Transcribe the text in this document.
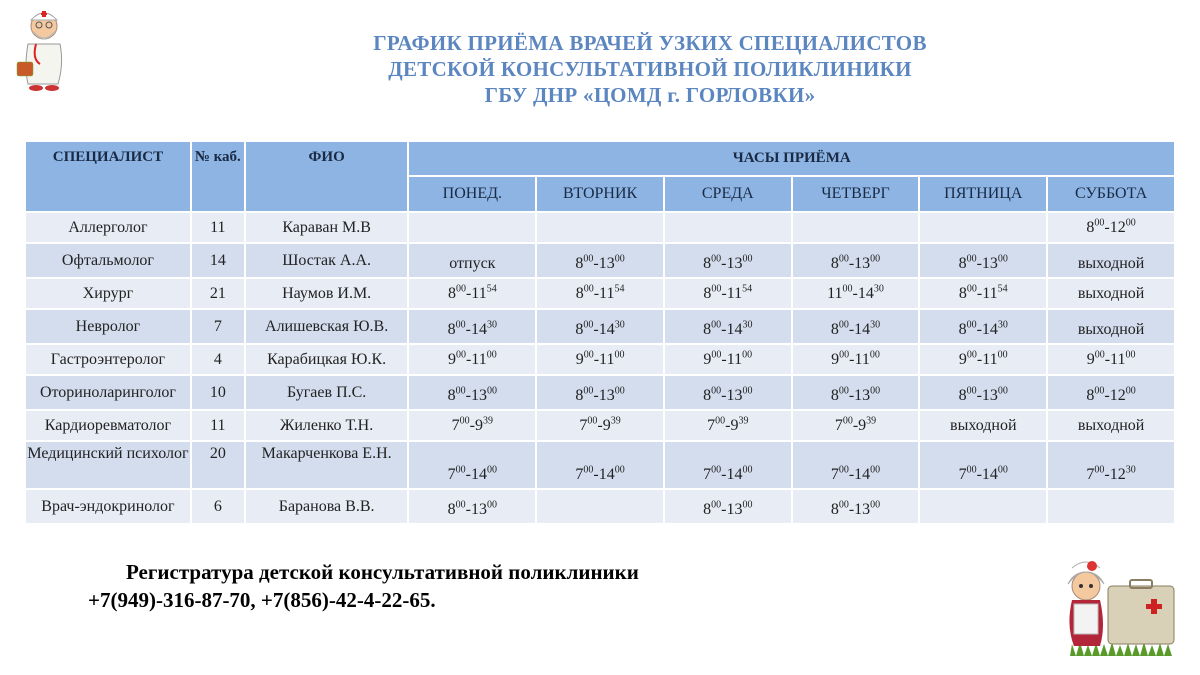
ГРАФИК ПРИЁМА ВРАЧЕЙ УЗКИХ СПЕЦИАЛИСТОВ
ДЕТСКОЙ КОНСУЛЬТАТИВНОЙ ПОЛИКЛИНИКИ
ГБУ ДНР «ЦОМД г. ГОРЛОВКИ»
СПЕЦИАЛИСТ	№ каб.	ФИО	ЧАСЫ ПРИЁМА					
			ПОНЕД.	ВТОРНИК	СРЕДА	ЧЕТВЕРГ	ПЯТНИЦА	СУББОТА
Аллерголог	11	Караван М.В						$8^{00}-12^{00}$
Офтальмолог	14	Шостак А.А.	отпуск	$8^{00}-13^{00}$	$8^{00}-13^{00}$	$8^{00}-13^{00}$	$8^{00}-13^{00}$	выходной
Хирург	21	Наумов И.М.	$8^{00}-11^{54}$	$8^{00}-11^{54}$	$8^{00}-11^{54}$	$11^{00}-14^{30}$	$8^{00}-11^{54}$	выходной
Невролог	7	Алишевская Ю.В.	$8^{00}-14^{30}$	$8^{00}-14^{30}$	$8^{00}-14^{30}$	$8^{00}-14^{30}$	$8^{00}-14^{30}$	выходной
Гастроэнтеролог	4	Карабицкая Ю.К.	$9^{00}-11^{00}$	$9^{00}-11^{00}$	$9^{00}-11^{00}$	$9^{00}-11^{00}$	$9^{00}-11^{00}$	$9^{00}-11^{00}$
Оториноларинголог	10	Бугаев П.С.	$8^{00}-13^{00}$	$8^{00}-13^{00}$	$8^{00}-13^{00}$	$8^{00}-13^{00}$	$8^{00}-13^{00}$	$8^{00}-12^{00}$
Кардиоревматолог	11	Жиленко Т.Н.	$7^{00}-9^{39}$	$7^{00}-9^{39}$	$7^{00}-9^{39}$	$7^{00}-9^{39}$	выходной	выходной
Медицинский психолог	20	Макарченкова Е.Н.	$7^{00}-14^{00}$	$7^{00}-14^{00}$	$7^{00}-14^{00}$	$7^{00}-14^{00}$	$7^{00}-14^{00}$	$7^{00}-12^{30}$
Врач-эндокринолог	6	Баранова В.В.	$8^{00}-13^{00}$		$8^{00}-13^{00}$	$8^{00}-13^{00}$		
Регистратура детской консультативной поликлиники
+7(949)-316-87-70, +7(856)-42-4-22-65.
